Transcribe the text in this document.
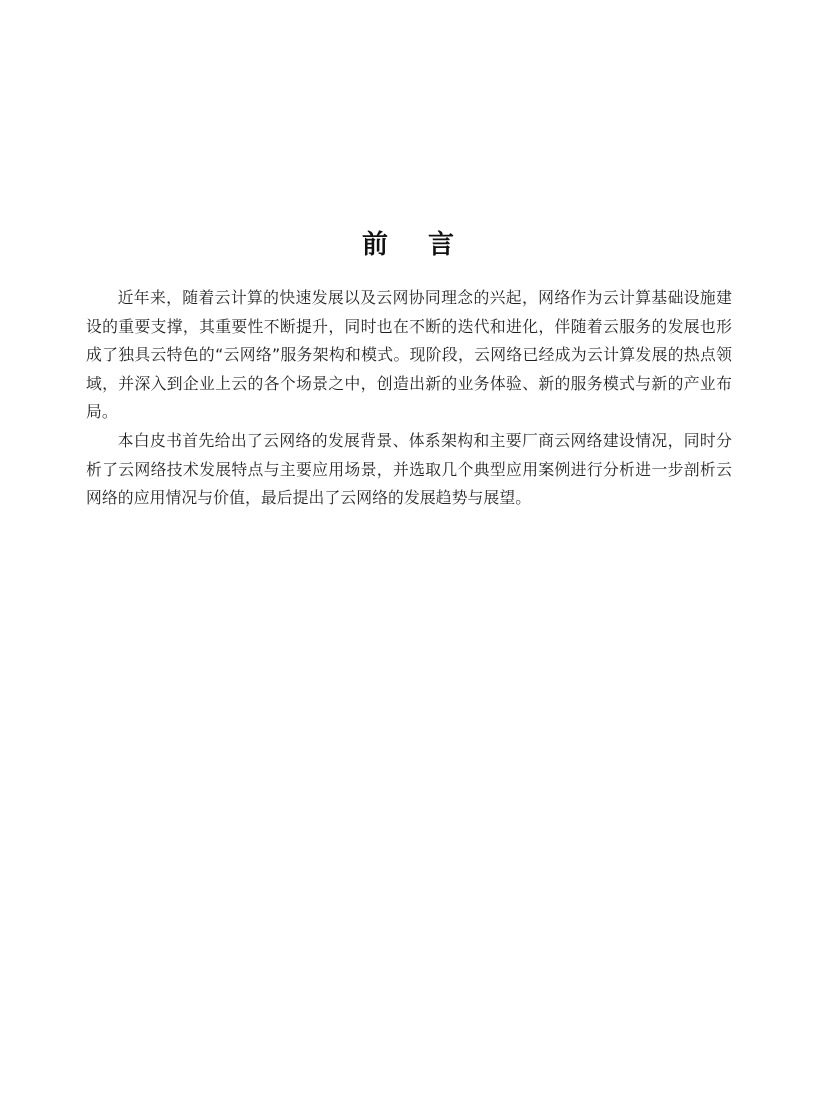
前言

近年来，随着云计算的快速发展以及云网协同理念的兴起，网络作为云计算基础设施建设的重要支撑，其重要性不断提升，同时也在不断的迭代和进化，伴随着云服务的发展也形成了独具云特色的“云网络”服务架构和模式。现阶段，云网络已经成为云计算发展的热点领域，并深入到企业上云的各个场景之中，创造出新的业务体验、新的服务模式与新的产业布局。

本白皮书首先给出了云网络的发展背景、体系架构和主要厂商云网络建设情况，同时分析了云网络技术发展特点与主要应用场景，并选取几个典型应用案例进行分析进一步剖析云网络的应用情况与价值，最后提出了云网络的发展趋势与展望。
